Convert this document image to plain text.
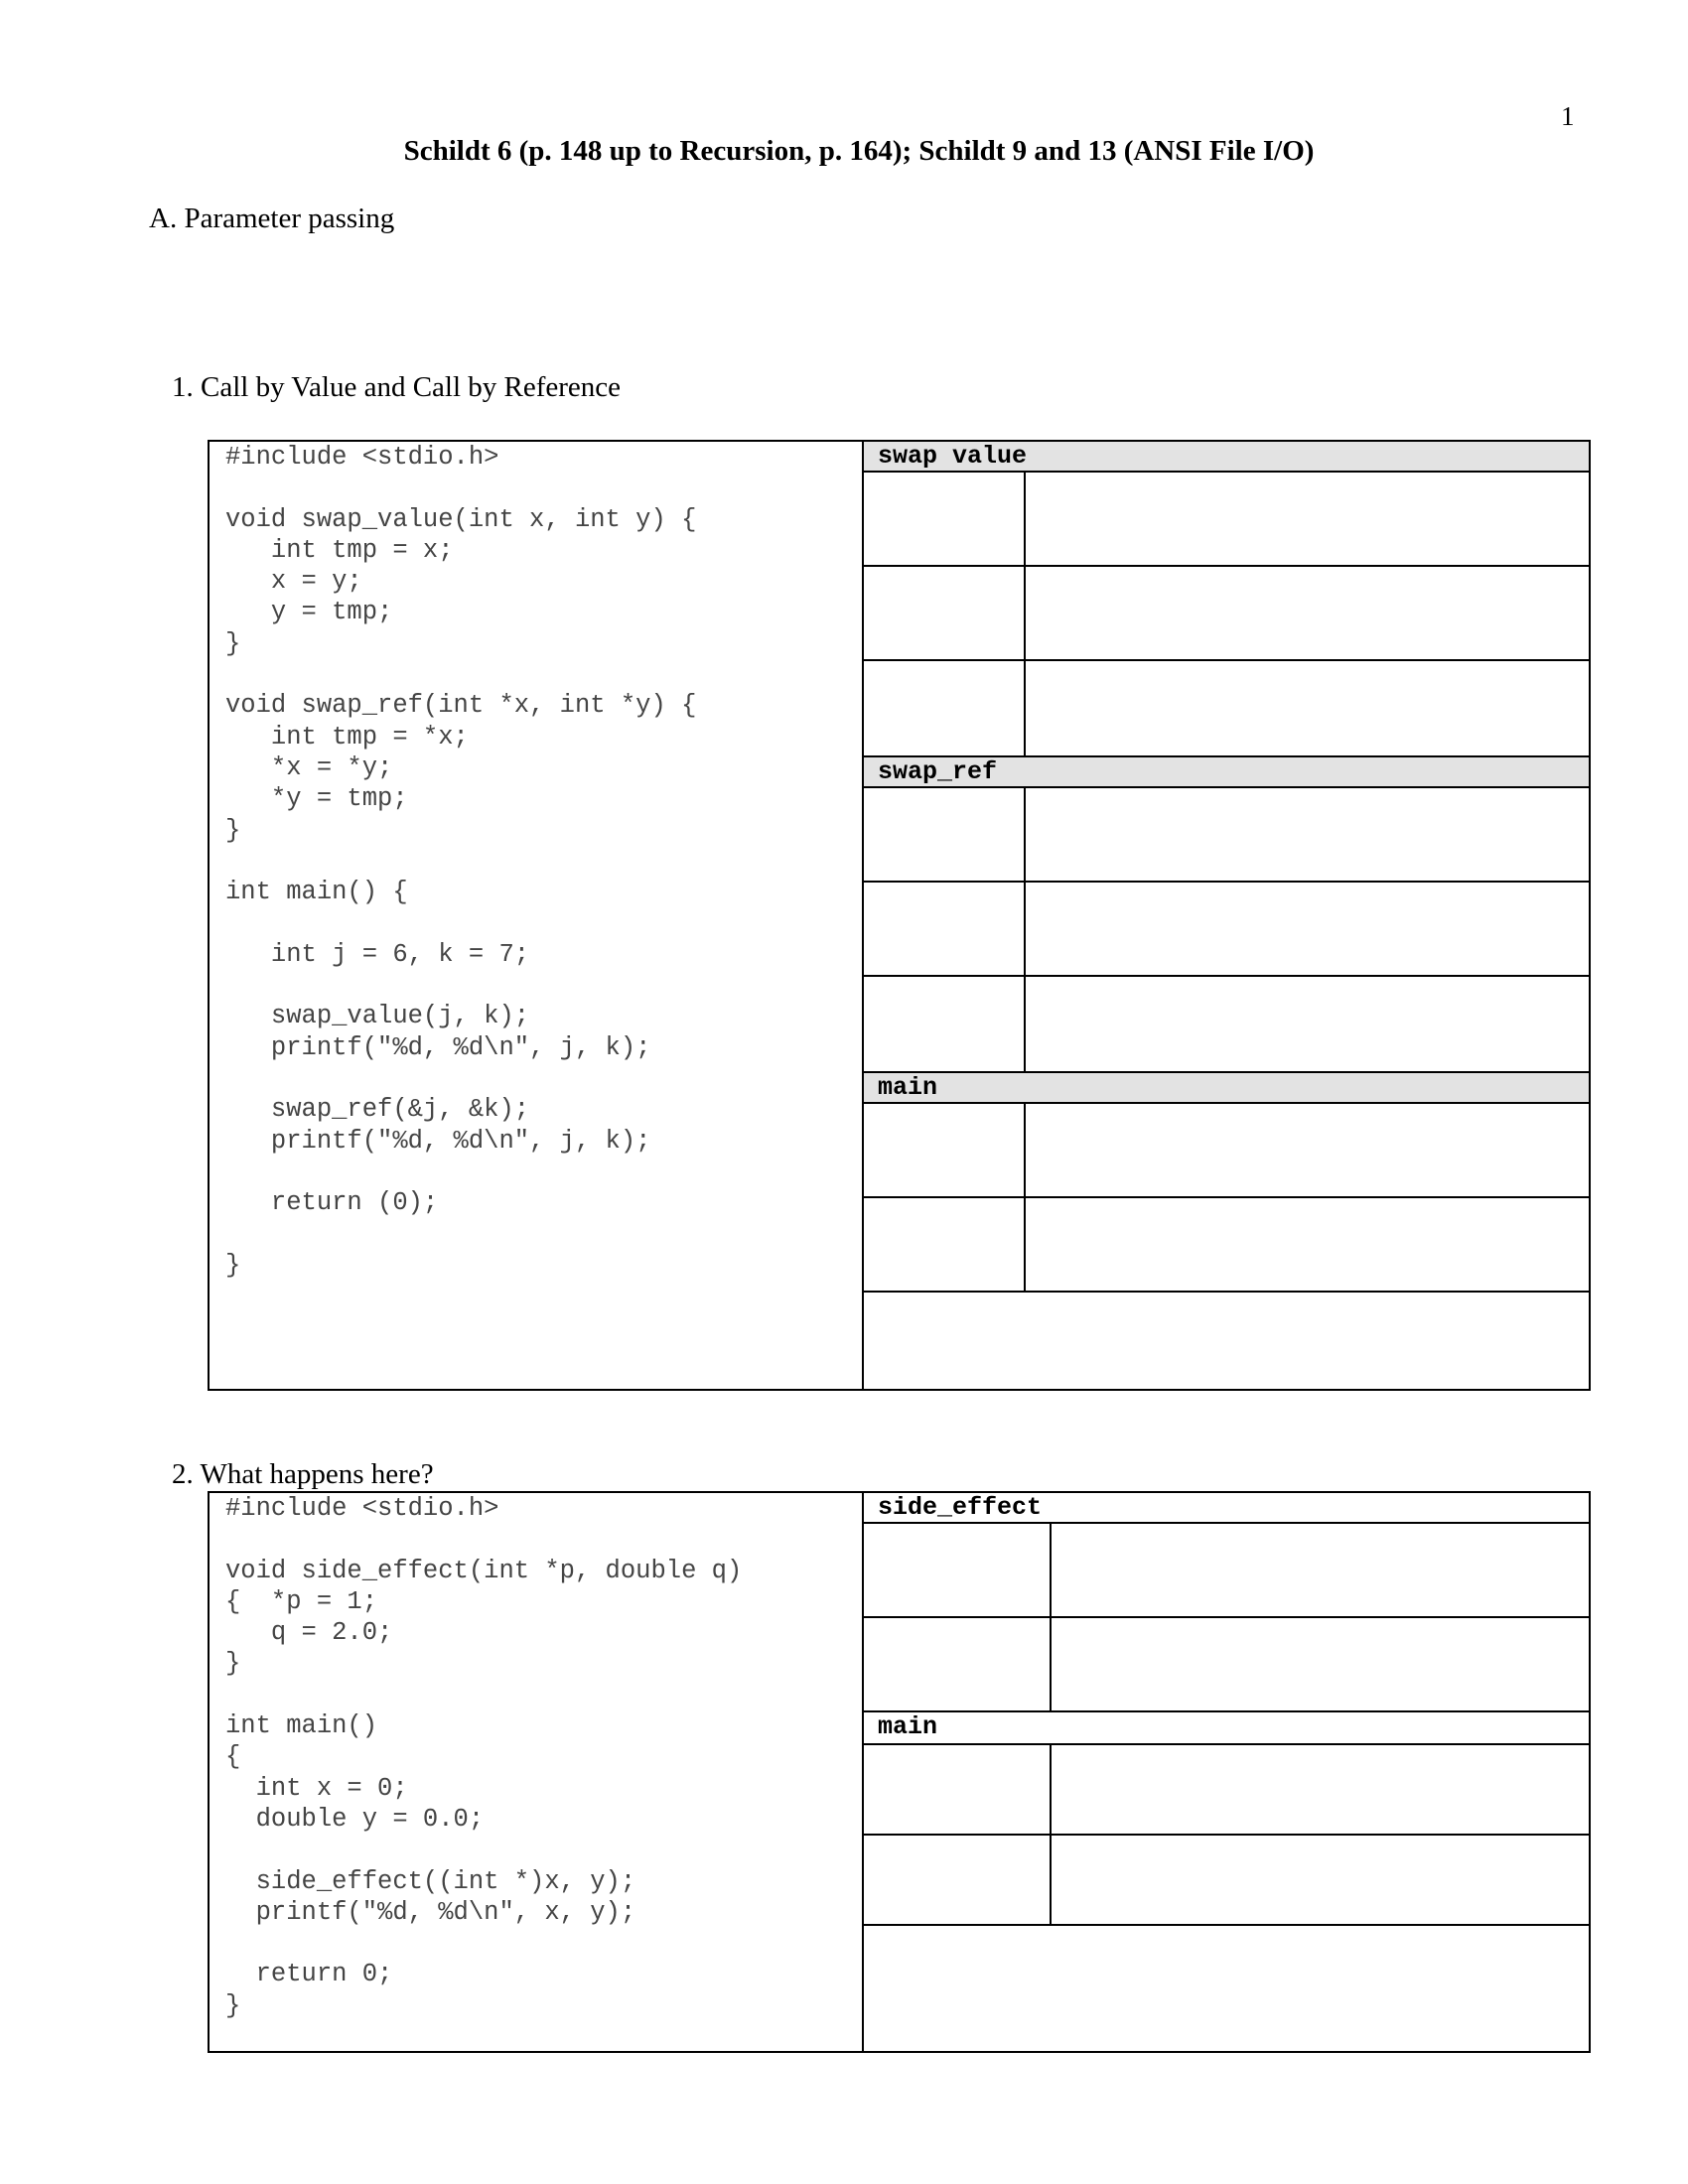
1
Schildt 6 (p. 148 up to Recursion, p. 164); Schildt 9 and 13 (ANSI File I/O)
A. Parameter passing
1. Call by Value and Call by Reference
#include <stdio.h>

void swap_value(int x, int y) {
int tmp = x;
x = y;
y = tmp;
}

void swap_ref(int *x, int *y) {
int tmp = *x;
*x = *y;
*y = tmp;
}

int main() {

int j = 6, k = 7;

swap_value(j, k);
printf("%d, %d\n", j, k);

swap_ref(&j, &k);
printf("%d, %d\n", j, k);

return (0);

}
swap value
swap_ref
main
2. What happens here?
#include <stdio.h>

void side_effect(int *p, double q)
{  *p = 1;
q = 2.0;
}

int main()
{
int x = 0;
double y = 0.0;

side_effect((int *)x, y);
printf("%d, %d\n", x, y);

return 0;
}
side_effect
main
